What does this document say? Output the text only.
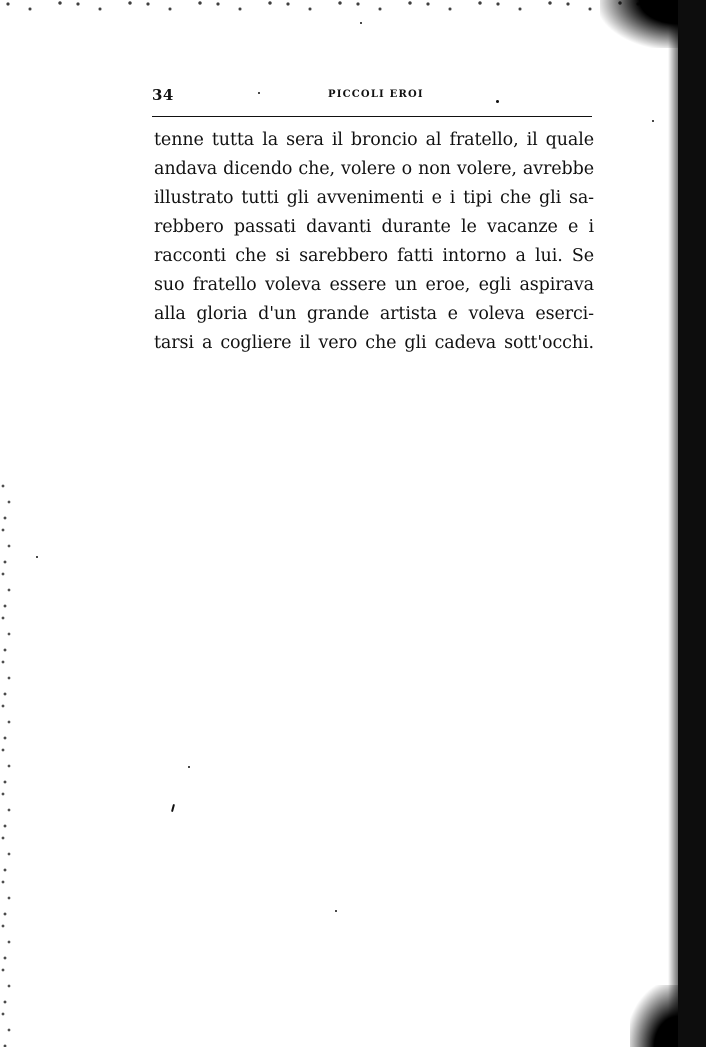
34	PICCOLI EROI
tenne tutta la sera il broncio al fratello, il quale
andava dicendo che, volere o non volere, avrebbe
illustrato tutti gli avvenimenti e i tipi che gli sa-
rebbero passati davanti durante le vacanze e i
racconti che si sarebbero fatti intorno a lui. Se
suo fratello voleva essere un eroe, egli aspirava
alla gloria d'un grande artista e voleva eserci-
tarsi a cogliere il vero che gli cadeva sott'occhi.
